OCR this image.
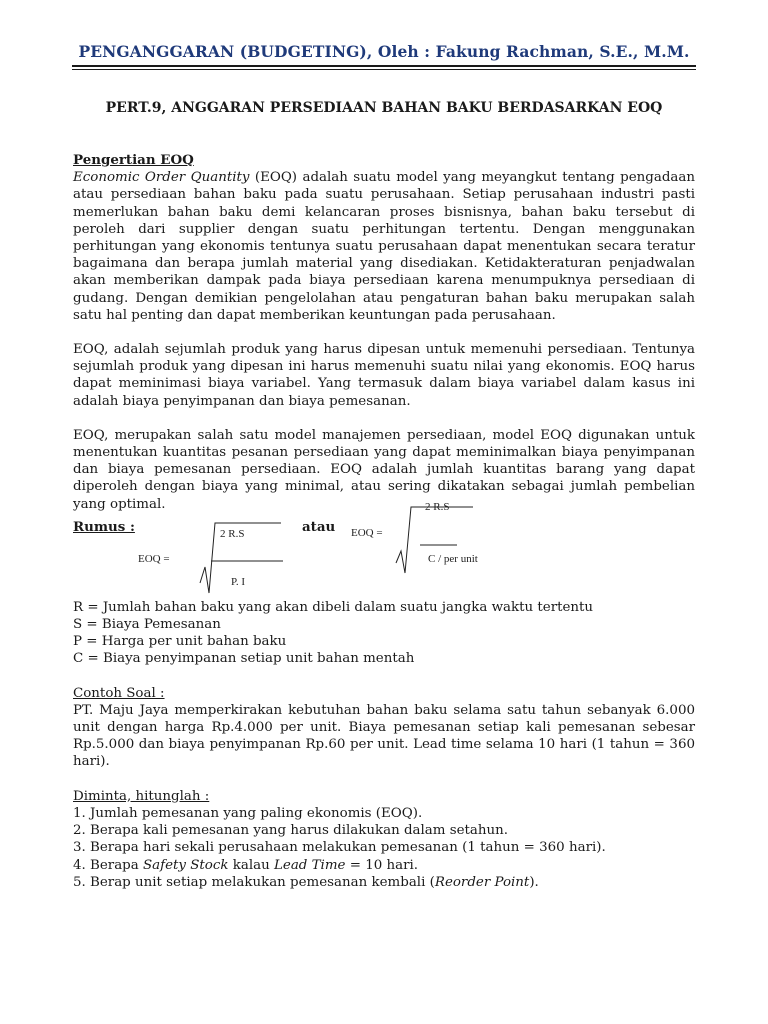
PENGANGGARAN (BUDGETING), Oleh : Fakung Rachman, S.E., M.M.
PERT.9, ANGGARAN PERSEDIAAN BAHAN BAKU BERDASARKAN EOQ
Pengertian EOQ

Economic Order Quantity (EOQ) adalah suatu model yang meyangkut tentang pengadaan atau persediaan bahan baku pada suatu perusahaan. Setiap perusahaan industri pasti memerlukan bahan baku demi kelancaran proses bisnisnya, bahan baku tersebut di peroleh dari supplier dengan suatu perhitungan tertentu. Dengan menggunakan perhitungan yang ekonomis tentunya suatu perusahaan dapat menentukan secara teratur bagaimana dan berapa jumlah material yang disediakan. Ketidakteraturan penjadwalan akan memberikan dampak pada biaya persediaan karena menumpuknya persediaan di gudang. Dengan demikian pengelolahan atau pengaturan bahan baku merupakan salah satu hal penting dan dapat memberikan keuntungan pada perusahaan.

EOQ, adalah sejumlah produk yang harus dipesan untuk memenuhi persediaan. Tentunya sejumlah produk yang dipesan ini harus memenuhi suatu nilai yang ekonomis. EOQ harus dapat meminimasi biaya variabel. Yang termasuk dalam biaya variabel dalam kasus ini adalah biaya penyimpanan dan biaya pemesanan.

EOQ, merupakan salah satu model manajemen persediaan, model EOQ digunakan untuk menentukan kuantitas pesanan persediaan yang dapat meminimalkan biaya penyimpanan dan biaya pemesanan persediaan. EOQ adalah jumlah kuantitas barang yang dapat diperoleh dengan biaya yang minimal, atau sering dikatakan sebagai jumlah pembelian yang optimal.

Rumus :	atau
EOQ =
2 R.S
P. I
EOQ =
2 R.S
C / per unit
R = Jumlah bahan baku yang akan dibeli dalam suatu jangka waktu tertentu
S = Biaya Pemesanan
P = Harga per unit bahan baku
C = Biaya penyimpanan setiap unit bahan mentah
Contoh Soal :

PT. Maju Jaya memperkirakan kebutuhan bahan baku selama satu tahun sebanyak 6.000 unit dengan harga Rp.4.000 per unit. Biaya pemesanan setiap kali pemesanan sebesar Rp.5.000 dan biaya penyimpanan Rp.60 per unit. Lead time selama 10 hari (1 tahun = 360 hari).

Diminta, hitunglah :
1. Jumlah pemesanan yang paling ekonomis (EOQ).
2. Berapa kali pemesanan yang harus dilakukan dalam setahun.
3. Berapa hari sekali perusahaan melakukan pemesanan (1 tahun = 360 hari).
4. Berapa Safety Stock kalau Lead Time = 10 hari.
5. Berap unit setiap melakukan pemesanan kembali (Reorder Point).
